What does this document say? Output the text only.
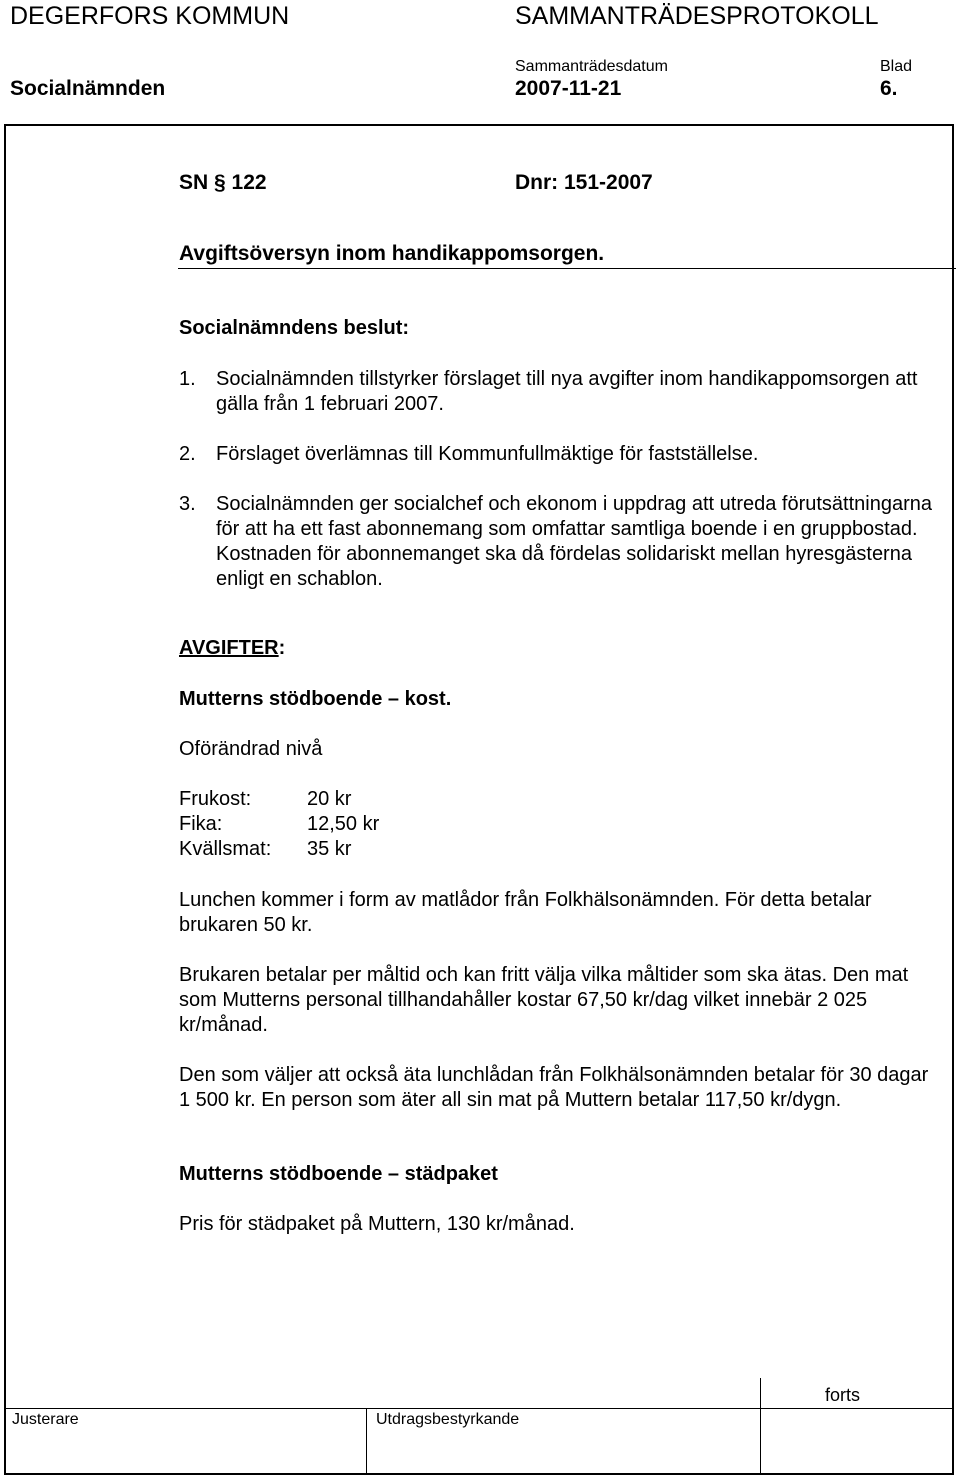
DEGERFORS KOMMUN	SAMMANTRÄDESPROTOKOLL
Sammanträdesdatum	Blad
Socialnämnden	2007-11-21	6.
SN § 122	Dnr: 151-2007
Avgiftsöversyn inom handikappomsorgen.
Socialnämndens beslut:
1. Socialnämnden tillstyrker förslaget till nya avgifter inom handikappomsorgen att gälla från 1 februari 2007.
2. Förslaget överlämnas till Kommunfullmäktige för fastställelse.
3. Socialnämnden ger socialchef och ekonom i uppdrag att utreda förutsättningarna för att ha ett fast abonnemang som omfattar samtliga boende i en gruppbostad. Kostnaden för abonnemanget ska då fördelas solidariskt mellan hyresgästerna enligt en schablon.
AVGIFTER:
Mutterns stödboende – kost.
Oförändrad nivå
Frukost:	20 kr
Fika:	12,50 kr
Kvällsmat: 35 kr
Lunchen kommer i form av matlådor från Folkhälsonämnden. För detta betalar brukaren 50 kr.
Brukaren betalar per måltid och kan fritt välja vilka måltider som ska ätas. Den mat som Mutterns personal tillhandahåller kostar 67,50 kr/dag vilket innebär 2 025 kr/månad.
Den som väljer att också äta lunchlådan från Folkhälsonämnden betalar för 30 dagar 1 500 kr. En person som äter all sin mat på Muttern betalar 117,50 kr/dygn.
Mutterns stödboende – städpaket
Pris för städpaket på Muttern, 130 kr/månad.
forts
Justerare	Utdragsbestyrkande
